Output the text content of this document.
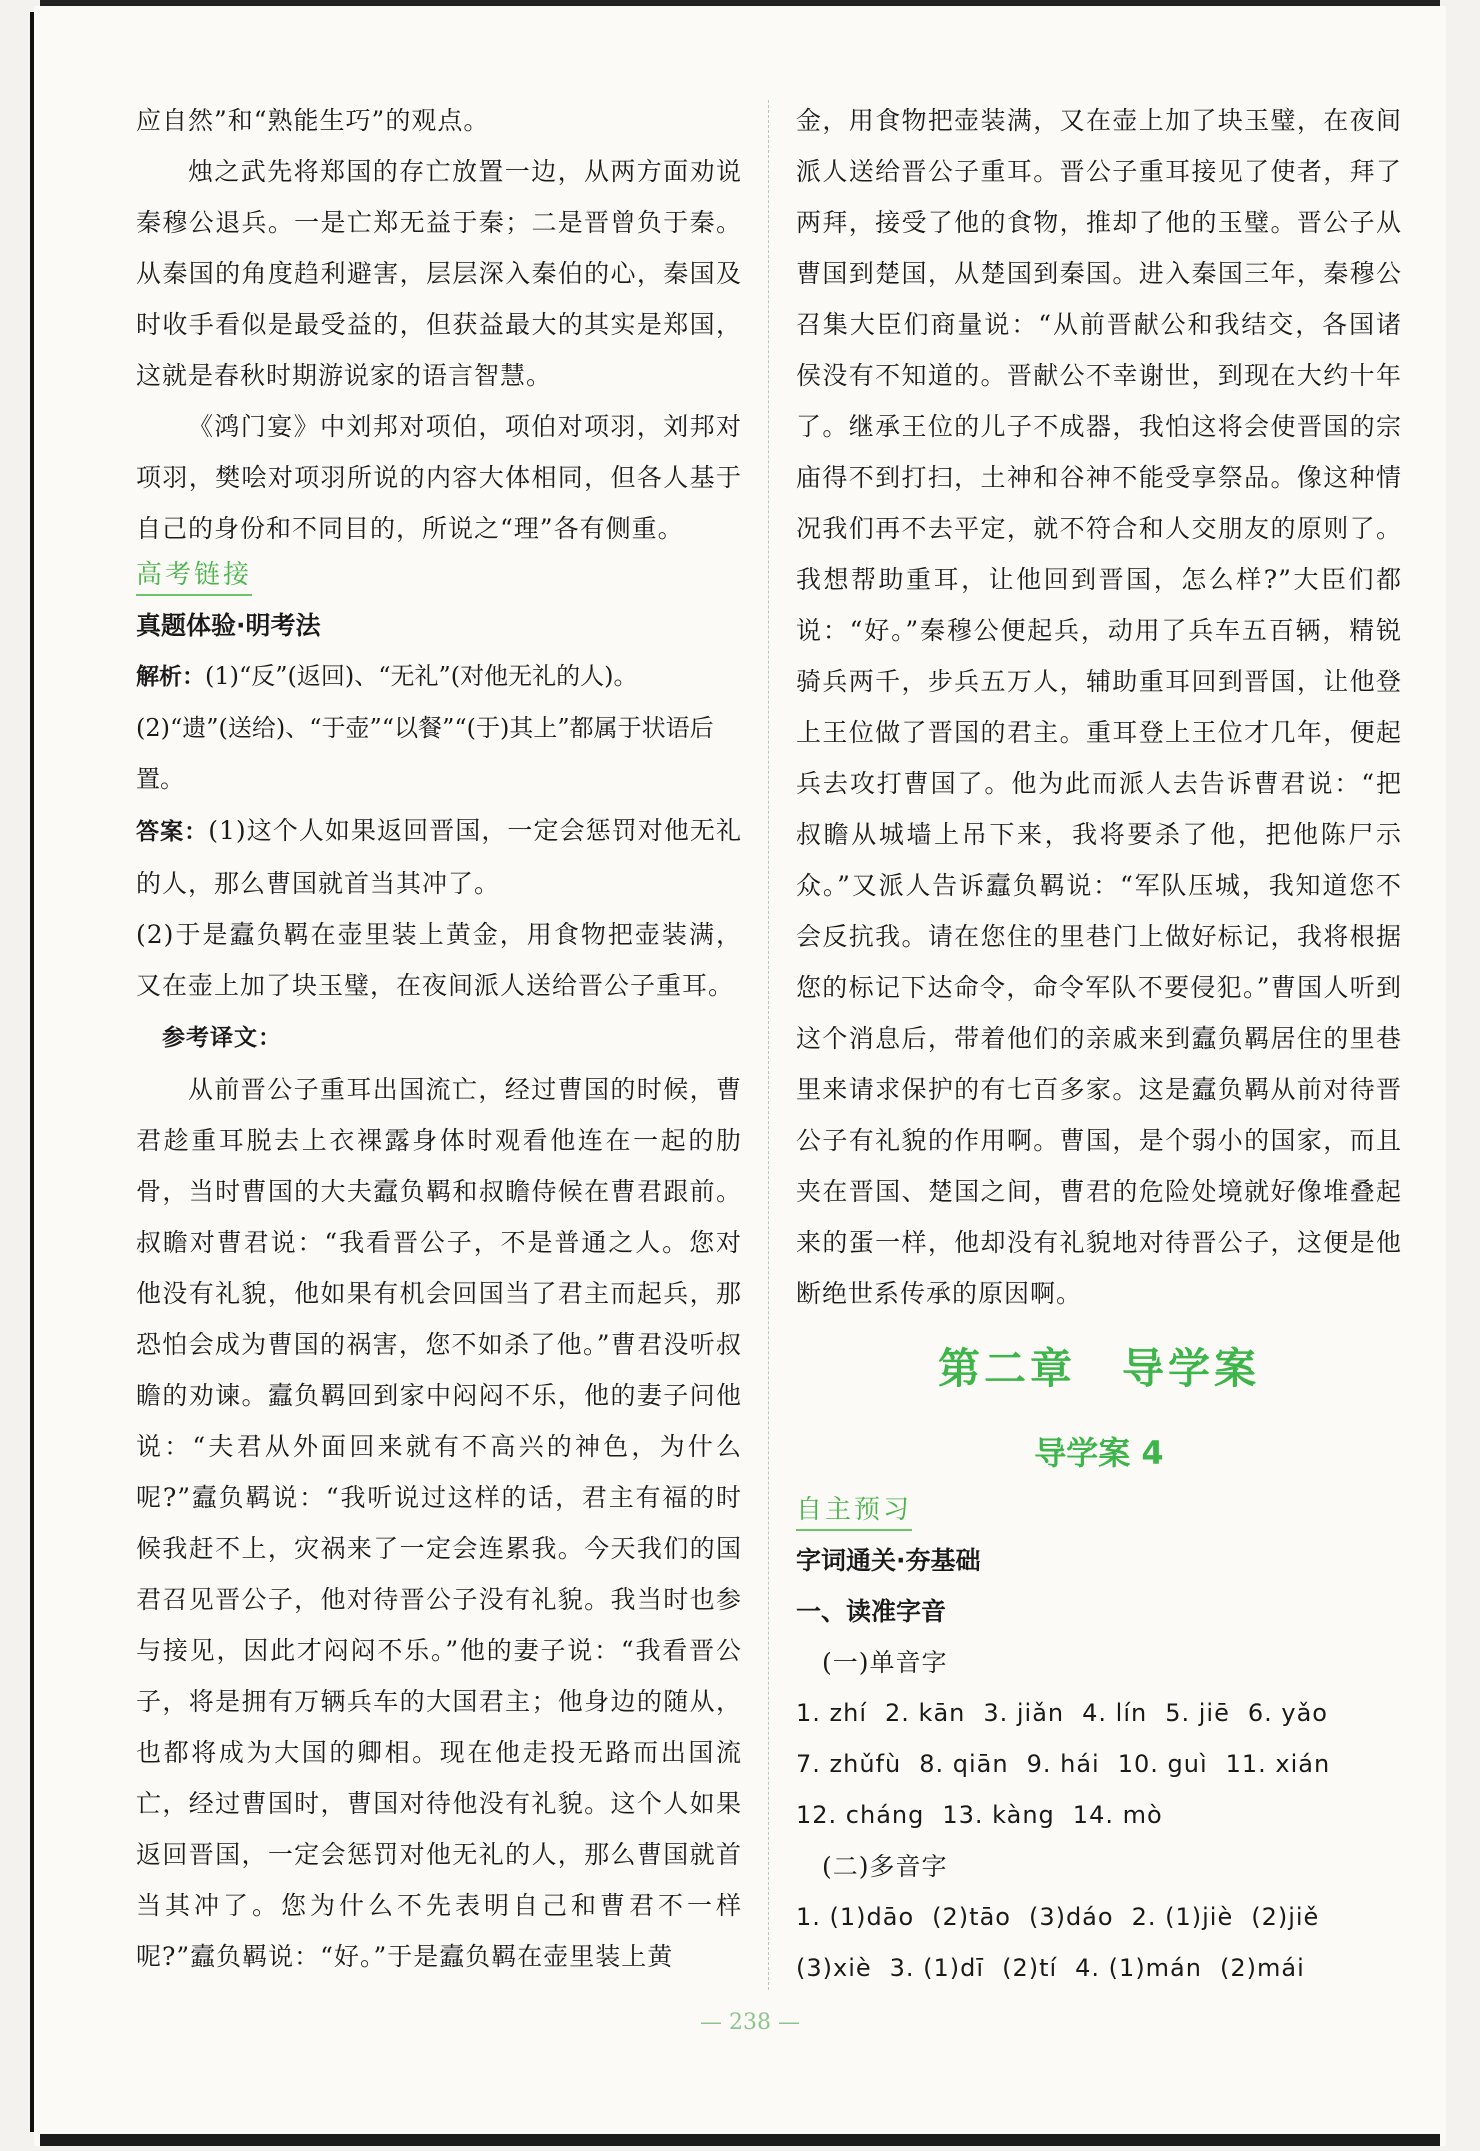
应自然”和“熟能生巧”的观点。

烛之武先将郑国的存亡放置一边，从两方面劝说秦穆公退兵。一是亡郑无益于秦；二是晋曾负于秦。从秦国的角度趋利避害，层层深入秦伯的心，秦国及时收手看似是最受益的，但获益最大的其实是郑国，这就是春秋时期游说家的语言智慧。

《鸿门宴》中刘邦对项伯，项伯对项羽，刘邦对项羽，樊哙对项羽所说的内容大体相同，但各人基于自己的身份和不同目的，所说之“理”各有侧重。

高考链接

真题体验·明考法

解析：(1)“反”(返回)、“无礼”(对他无礼的人)。(2)“遗”(送给)、“于壶”“以餐”“(于)其上”都属于状语后置。

答案：(1)这个人如果返回晋国，一定会惩罚对他无礼的人，那么曹国就首当其冲了。

(2)于是蠧负羁在壶里装上黄金，用食物把壶装满，又在壶上加了块玉璧，在夜间派人送给晋公子重耳。

参考译文：

从前晋公子重耳出国流亡，经过曹国的时候，曹君趁重耳脱去上衣裸露身体时观看他连在一起的肋骨，当时曹国的大夫蠧负羁和叔瞻侍候在曹君跟前。叔瞻对曹君说：“我看晋公子，不是普通之人。您对他没有礼貌，他如果有机会回国当了君主而起兵，那恐怕会成为曹国的祸害，您不如杀了他。”曹君没听叔瞻的劝谏。蠧负羁回到家中闷闷不乐，他的妻子问他说：“夫君从外面回来就有不高兴的神色，为什么呢?”蠧负羁说：“我听说过这样的话，君主有福的时候我赶不上，灾祸来了一定会连累我。今天我们的国君召见晋公子，他对待晋公子没有礼貌。我当时也参与接见，因此才闷闷不乐。”他的妻子说：“我看晋公子，将是拥有万辆兵车的大国君主；他身边的随从，也都将成为大国的卿相。现在他走投无路而出国流亡，经过曹国时，曹国对待他没有礼貌。这个人如果返回晋国，一定会惩罚对他无礼的人，那么曹国就首当其冲了。您为什么不先表明自己和曹君不一样呢?”蠧负羁说：“好。”于是蠧负羁在壶里装上黄

金，用食物把壶装满，又在壶上加了块玉璧，在夜间派人送给晋公子重耳。晋公子重耳接见了使者，拜了两拜，接受了他的食物，推却了他的玉璧。晋公子从曹国到楚国，从楚国到秦国。进入秦国三年，秦穆公召集大臣们商量说：“从前晋献公和我结交，各国诸侯没有不知道的。晋献公不幸谢世，到现在大约十年了。继承王位的儿子不成器，我怕这将会使晋国的宗庙得不到打扫，土神和谷神不能受享祭品。像这种情况我们再不去平定，就不符合和人交朋友的原则了。我想帮助重耳，让他回到晋国，怎么样?”大臣们都说：“好。”秦穆公便起兵，动用了兵车五百辆，精锐骑兵两千，步兵五万人，辅助重耳回到晋国，让他登上王位做了晋国的君主。重耳登上王位才几年，便起兵去攻打曹国了。他为此而派人去告诉曹君说：“把叔瞻从城墙上吊下来，我将要杀了他，把他陈尸示众。”又派人告诉蠧负羁说：“军队压城，我知道您不会反抗我。请在您住的里巷门上做好标记，我将根据您的标记下达命令，命令军队不要侵犯。”曹国人听到这个消息后，带着他们的亲戚来到蠧负羁居住的里巷里来请求保护的有七百多家。这是蠧负羁从前对待晋公子有礼貌的作用啊。曹国，是个弱小的国家，而且夹在晋国、楚国之间，曹君的危险处境就好像堆叠起来的蛋一样，他却没有礼貌地对待晋公子，这便是他断绝世系传承的原因啊。

第二章　导学案
导学案 4
自主预习

字词通关·夯基础

一、读准字音

(一)单音字

1. zhí 2. kān 3. jiǎn 4. lín 5. jiē 6. yǎo

7. zhǔfù 8. qiān 9. hái 10. guì 11. xián

12. cháng 13. kàng 14. mò

(二)多音字

1. (1)dāo (2)tāo (3)dáo 2. (1)jiè (2)jiě

(3)xiè 3. (1)dī (2)tí 4. (1)mán (2)mái

— 238 —
